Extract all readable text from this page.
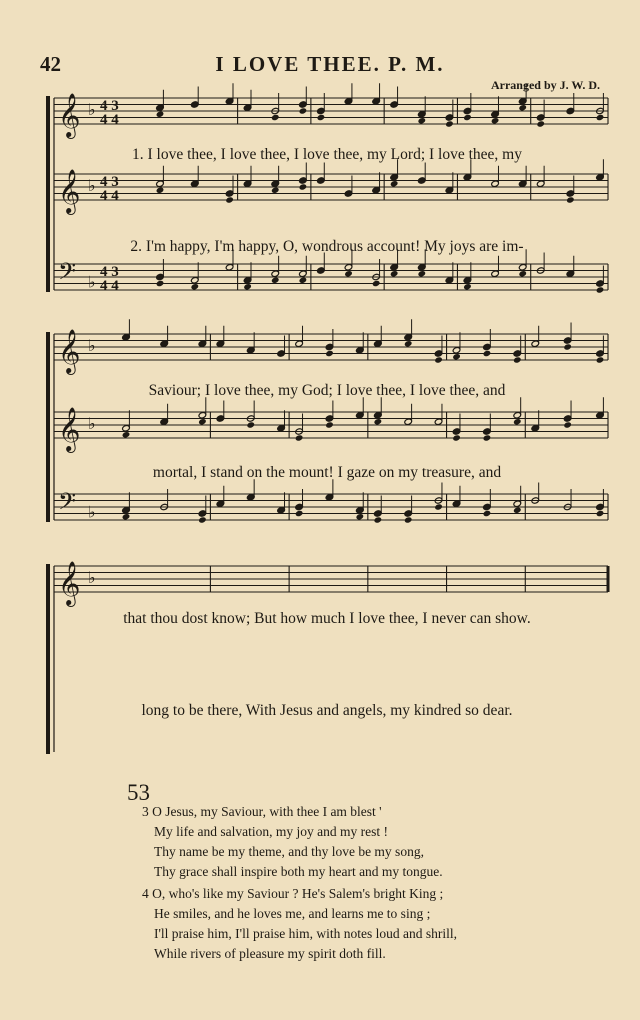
42	I LOVE THEE. P. M.
Arranged by J. W. D.
𝄞 ♭ 4 3
4 4
𝄞 ♭ 4 3
4 4
𝄢 ♭
4 3
4 4
1. I love thee, I love thee, I love thee, my Lord; I love thee, my
2. I'm happy, I'm happy, O, wondrous account! My joys are im-
𝄞 ♭
𝄞 ♭
𝄢 ♭
Saviour; I love thee, my God; I love thee, I love thee, and
mortal, I stand on the mount! I gaze on my treasure, and
𝄞 ♭
that thou dost know; But how much I love thee, I never can show.
long to be there, With Jesus and angels, my kindred so dear.
53
3 O Jesus, my Saviour, with thee I am blest '
My life and salvation, my joy and my rest !
Thy name be my theme, and thy love be my song,
Thy grace shall inspire both my heart and my tongue.
4 O, who's like my Saviour ? He's Salem's bright King ;
He smiles, and he loves me, and learns me to sing ;
I'll praise him, I'll praise him, with notes loud and shrill,
While rivers of pleasure my spirit doth fill.
